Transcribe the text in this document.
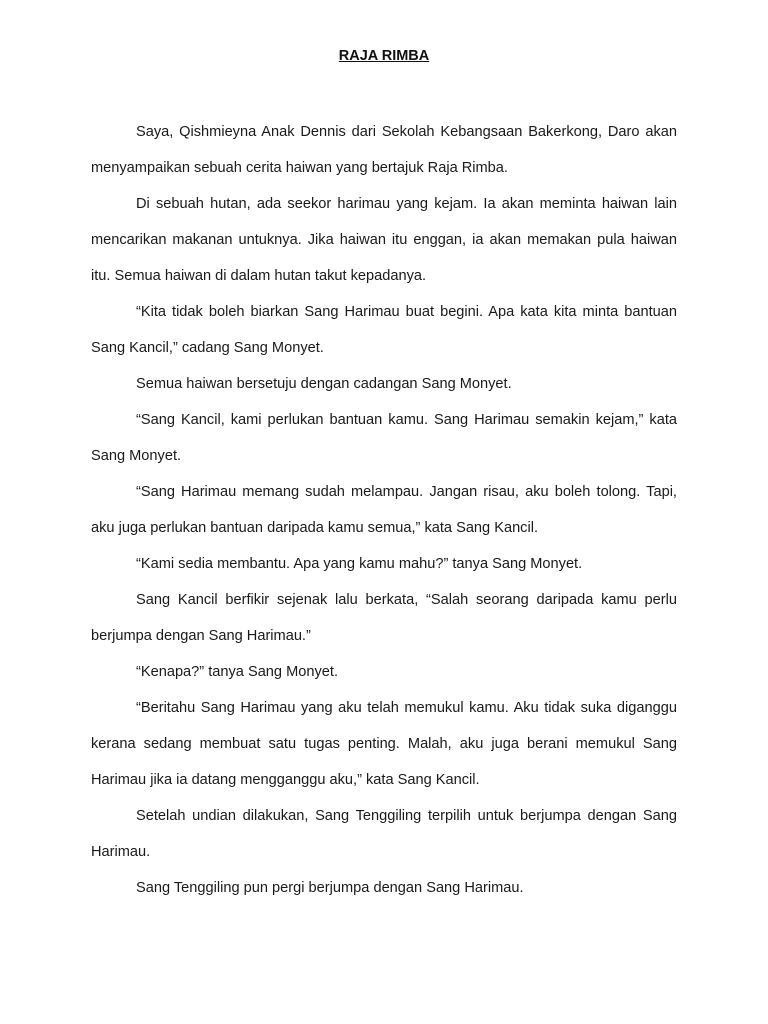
RAJA RIMBA

Saya, Qishmieyna Anak Dennis dari Sekolah Kebangsaan Bakerkong, Daro akan menyampaikan sebuah cerita haiwan yang bertajuk Raja Rimba.

Di sebuah hutan, ada seekor harimau yang kejam. Ia akan meminta haiwan lain mencarikan makanan untuknya. Jika haiwan itu enggan, ia akan memakan pula haiwan itu. Semua haiwan di dalam hutan takut kepadanya.

“Kita tidak boleh biarkan Sang Harimau buat begini. Apa kata kita minta bantuan Sang Kancil,” cadang Sang Monyet.

Semua haiwan bersetuju dengan cadangan Sang Monyet.

“Sang Kancil, kami perlukan bantuan kamu. Sang Harimau semakin kejam,” kata Sang Monyet.

“Sang Harimau memang sudah melampau. Jangan risau, aku boleh tolong. Tapi, aku juga perlukan bantuan daripada kamu semua,” kata Sang Kancil.

“Kami sedia membantu. Apa yang kamu mahu?” tanya Sang Monyet.

Sang Kancil berfikir sejenak lalu berkata, “Salah seorang daripada kamu perlu berjumpa dengan Sang Harimau.”

“Kenapa?” tanya Sang Monyet.

“Beritahu Sang Harimau yang aku telah memukul kamu. Aku tidak suka diganggu kerana sedang membuat satu tugas penting. Malah, aku juga berani memukul Sang Harimau jika ia datang mengganggu aku,” kata Sang Kancil.

Setelah undian dilakukan, Sang Tenggiling terpilih untuk berjumpa dengan Sang Harimau.

Sang Tenggiling pun pergi berjumpa dengan Sang Harimau.
